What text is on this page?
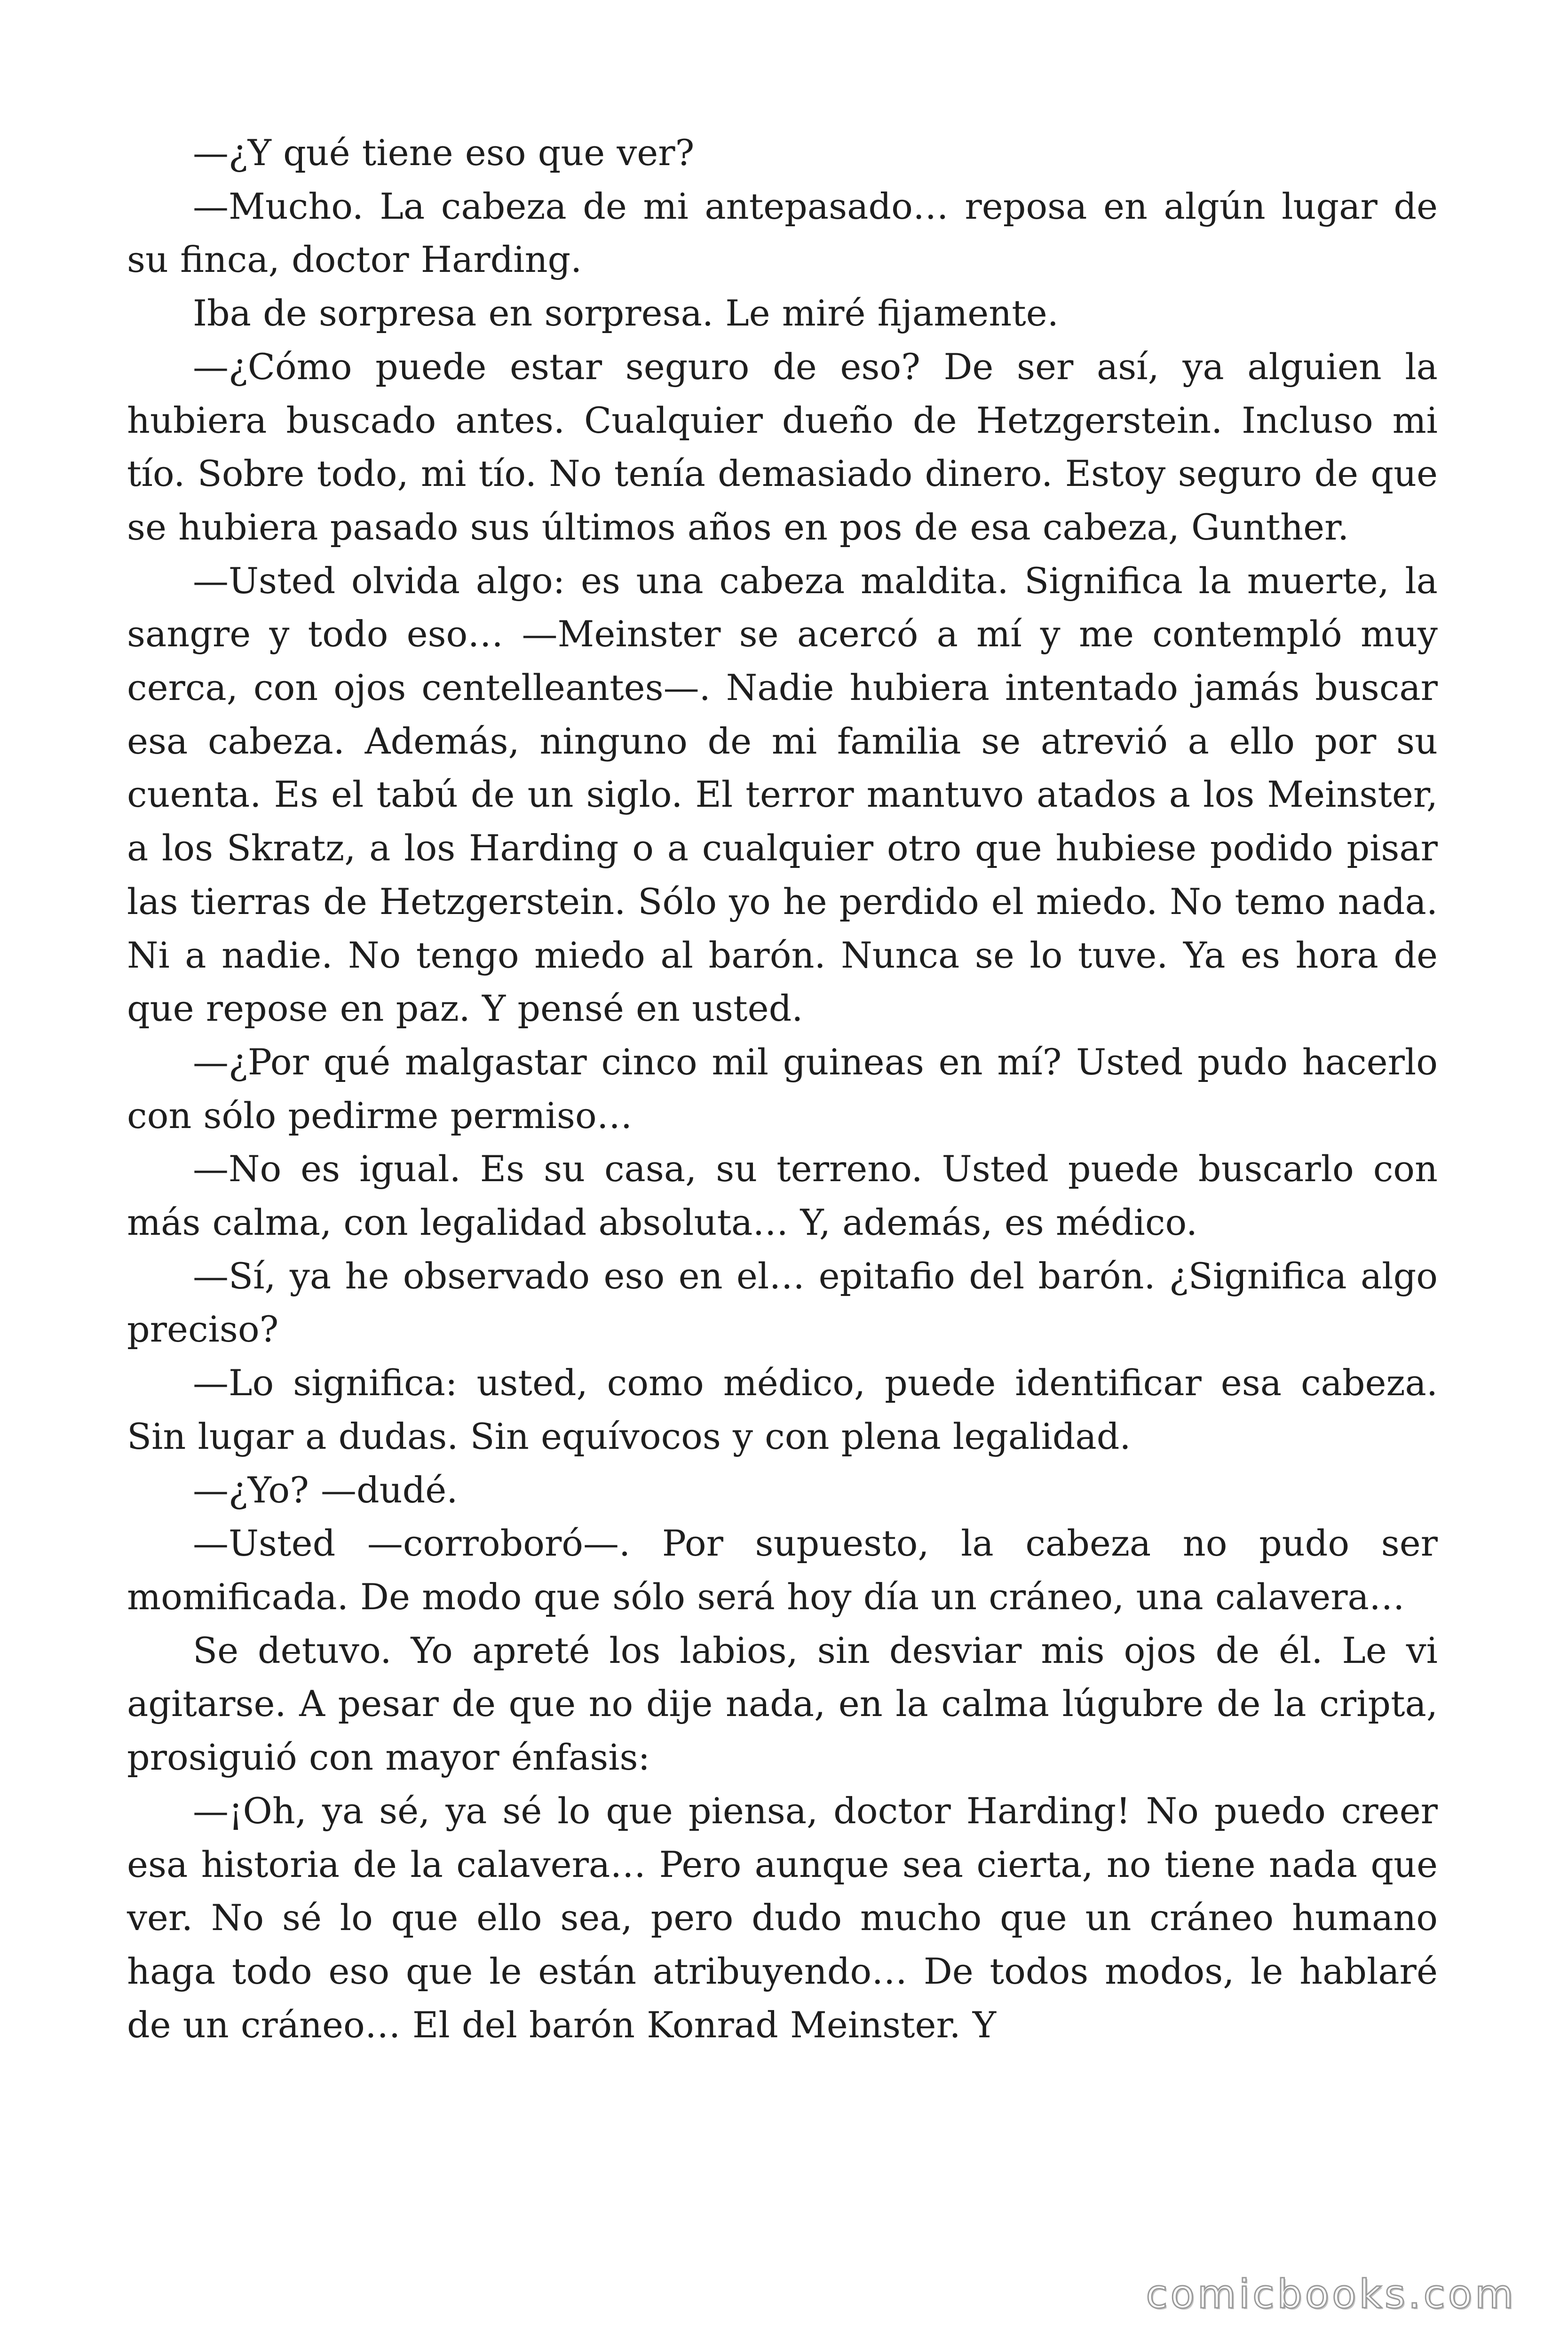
—¿Y qué tiene eso que ver?

—Mucho. La cabeza de mi antepasado… reposa en algún lugar de su finca, doctor Harding.

Iba de sorpresa en sorpresa. Le miré fijamente.

—¿Cómo puede estar seguro de eso? De ser así, ya alguien la hubiera buscado antes. Cualquier dueño de Hetzgerstein. Incluso mi tío. Sobre todo, mi tío. No tenía demasiado dinero. Estoy seguro de que se hubiera pasado sus últimos años en pos de esa cabeza, Gunther.

—Usted olvida algo: es una cabeza maldita. Significa la muerte, la sangre y todo eso… —Meinster se acercó a mí y me contempló muy cerca, con ojos centelleantes—. Nadie hubiera intentado jamás buscar esa cabeza. Además, ninguno de mi familia se atrevió a ello por su cuenta. Es el tabú de un siglo. El terror mantuvo atados a los Meinster, a los Skratz, a los Harding o a cualquier otro que hubiese podido pisar las tierras de Hetzgerstein. Sólo yo he perdido el miedo. No temo nada. Ni a nadie. No tengo miedo al barón. Nunca se lo tuve. Ya es hora de que repose en paz. Y pensé en usted.

—¿Por qué malgastar cinco mil guineas en mí? Usted pudo hacerlo con sólo pedirme permiso…

—No es igual. Es su casa, su terreno. Usted puede buscarlo con más calma, con legalidad absoluta… Y, además, es médico.

—Sí, ya he observado eso en el… epitafio del barón. ¿Significa algo preciso?

—Lo significa: usted, como médico, puede identificar esa cabeza. Sin lugar a dudas. Sin equívocos y con plena legalidad.

—¿Yo? —dudé.

—Usted —corroboró—. Por supuesto, la cabeza no pudo ser momificada. De modo que sólo será hoy día un cráneo, una calavera…

Se detuvo. Yo apreté los labios, sin desviar mis ojos de él. Le vi agitarse. A pesar de que no dije nada, en la calma lúgubre de la cripta, prosiguió con mayor énfasis:

—¡Oh, ya sé, ya sé lo que piensa, doctor Harding! No puedo creer esa historia de la calavera… Pero aunque sea cierta, no tiene nada que ver. No sé lo que ello sea, pero dudo mucho que un cráneo humano haga todo eso que le están atribuyendo… De todos modos, le hablaré de un cráneo… El del barón Konrad Meinster. Y

comicbooks.com
